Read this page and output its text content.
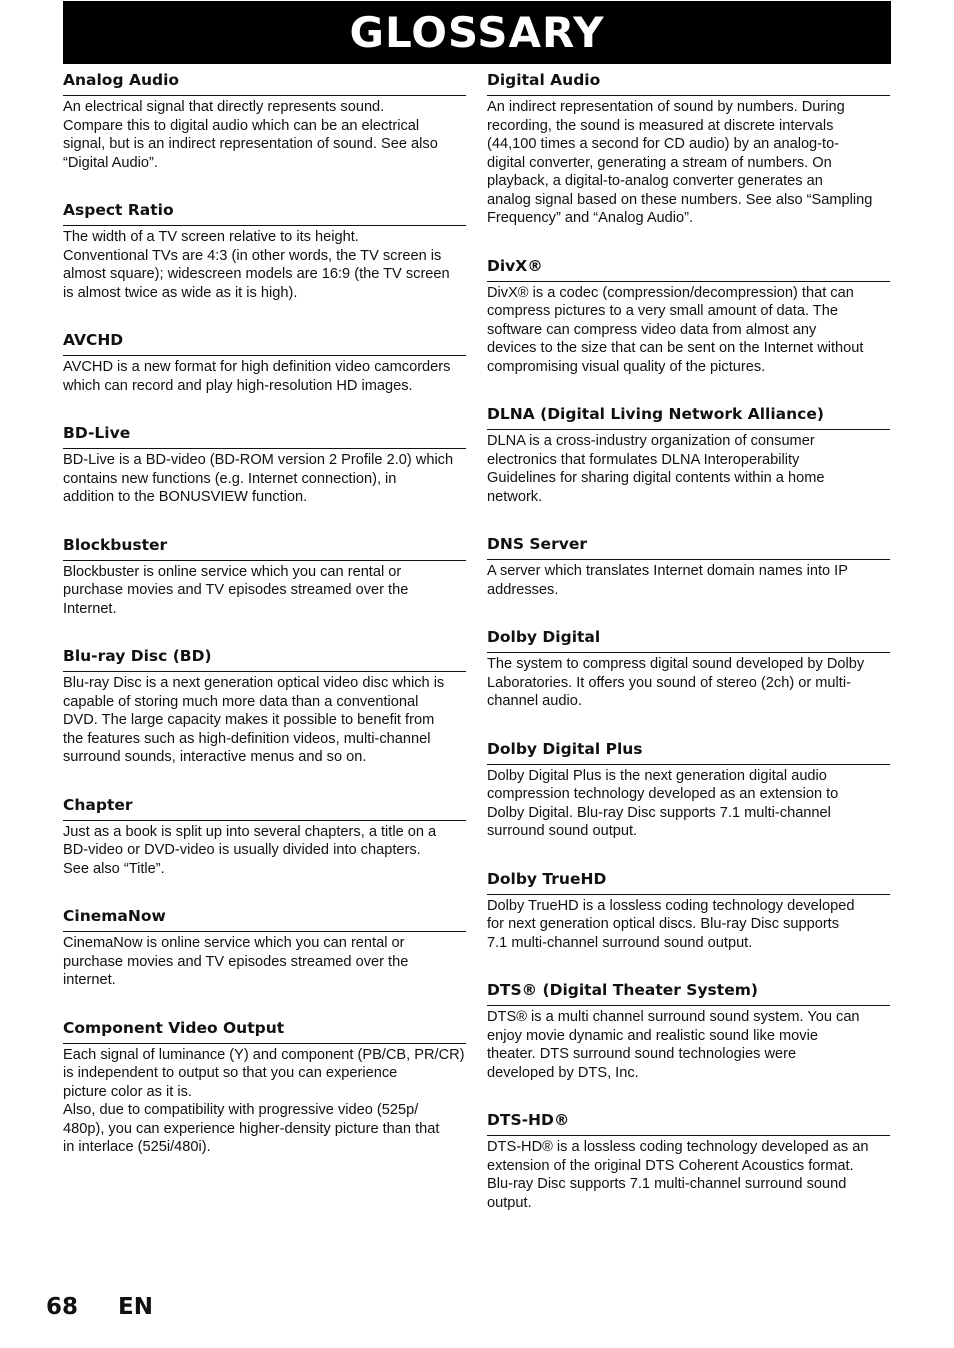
GLOSSARY
Analog Audio

An electrical signal that directly represents sound.
Compare this to digital audio which can be an electrical
signal, but is an indirect representation of sound. See also
“Digital Audio”.

Aspect Ratio

The width of a TV screen relative to its height.
Conventional TVs are 4:3 (in other words, the TV screen is
almost square); widescreen models are 16:9 (the TV screen
is almost twice as wide as it is high).

AVCHD

AVCHD is a new format for high definition video camcorders
which can record and play high-resolution HD images.

BD-Live

BD-Live is a BD-video (BD-ROM version 2 Profile 2.0) which
contains new functions (e.g. Internet connection), in
addition to the BONUSVIEW function.

Blockbuster

Blockbuster is online service which you can rental or
purchase movies and TV episodes streamed over the
Internet.

Blu-ray Disc (BD)

Blu-ray Disc is a next generation optical video disc which is
capable of storing much more data than a conventional
DVD. The large capacity makes it possible to benefit from
the features such as high-definition videos, multi-channel
surround sounds, interactive menus and so on.

Chapter

Just as a book is split up into several chapters, a title on a
BD-video or DVD-video is usually divided into chapters.
See also “Title”.

CinemaNow

CinemaNow is online service which you can rental or
purchase movies and TV episodes streamed over the
internet.

Component Video Output

Each signal of luminance (Y) and component (PB/CB, PR/CR)
is independent to output so that you can experience
picture color as it is.
Also, due to compatibility with progressive video (525p/
480p), you can experience higher-density picture than that
in interlace (525i/480i).

Digital Audio

An indirect representation of sound by numbers. During
recording, the sound is measured at discrete intervals
(44,100 times a second for CD audio) by an analog-to-
digital converter, generating a stream of numbers. On
playback, a digital-to-analog converter generates an
analog signal based on these numbers. See also “Sampling
Frequency” and “Analog Audio”.

DivX®

DivX® is a codec (compression/decompression) that can
compress pictures to a very small amount of data. The
software can compress video data from almost any
devices to the size that can be sent on the Internet without
compromising visual quality of the pictures.

DLNA (Digital Living Network Alliance)

DLNA is a cross-industry organization of consumer
electronics that formulates DLNA Interoperability
Guidelines for sharing digital contents within a home
network.

DNS Server

A server which translates Internet domain names into IP
addresses.

Dolby Digital

The system to compress digital sound developed by Dolby
Laboratories. It offers you sound of stereo (2ch) or multi-
channel audio.

Dolby Digital Plus

Dolby Digital Plus is the next generation digital audio
compression technology developed as an extension to
Dolby Digital. Blu-ray Disc supports 7.1 multi-channel
surround sound output.

Dolby TrueHD

Dolby TrueHD is a lossless coding technology developed
for next generation optical discs. Blu-ray Disc supports
7.1 multi-channel surround sound output.

DTS® (Digital Theater System)

DTS® is a multi channel surround sound system. You can
enjoy movie dynamic and realistic sound like movie
theater. DTS surround sound technologies were
developed by DTS, Inc.

DTS-HD®

DTS-HD® is a lossless coding technology developed as an
extension of the original DTS Coherent Acoustics format.
Blu-ray Disc supports 7.1 multi-channel surround sound
output.

68 EN
